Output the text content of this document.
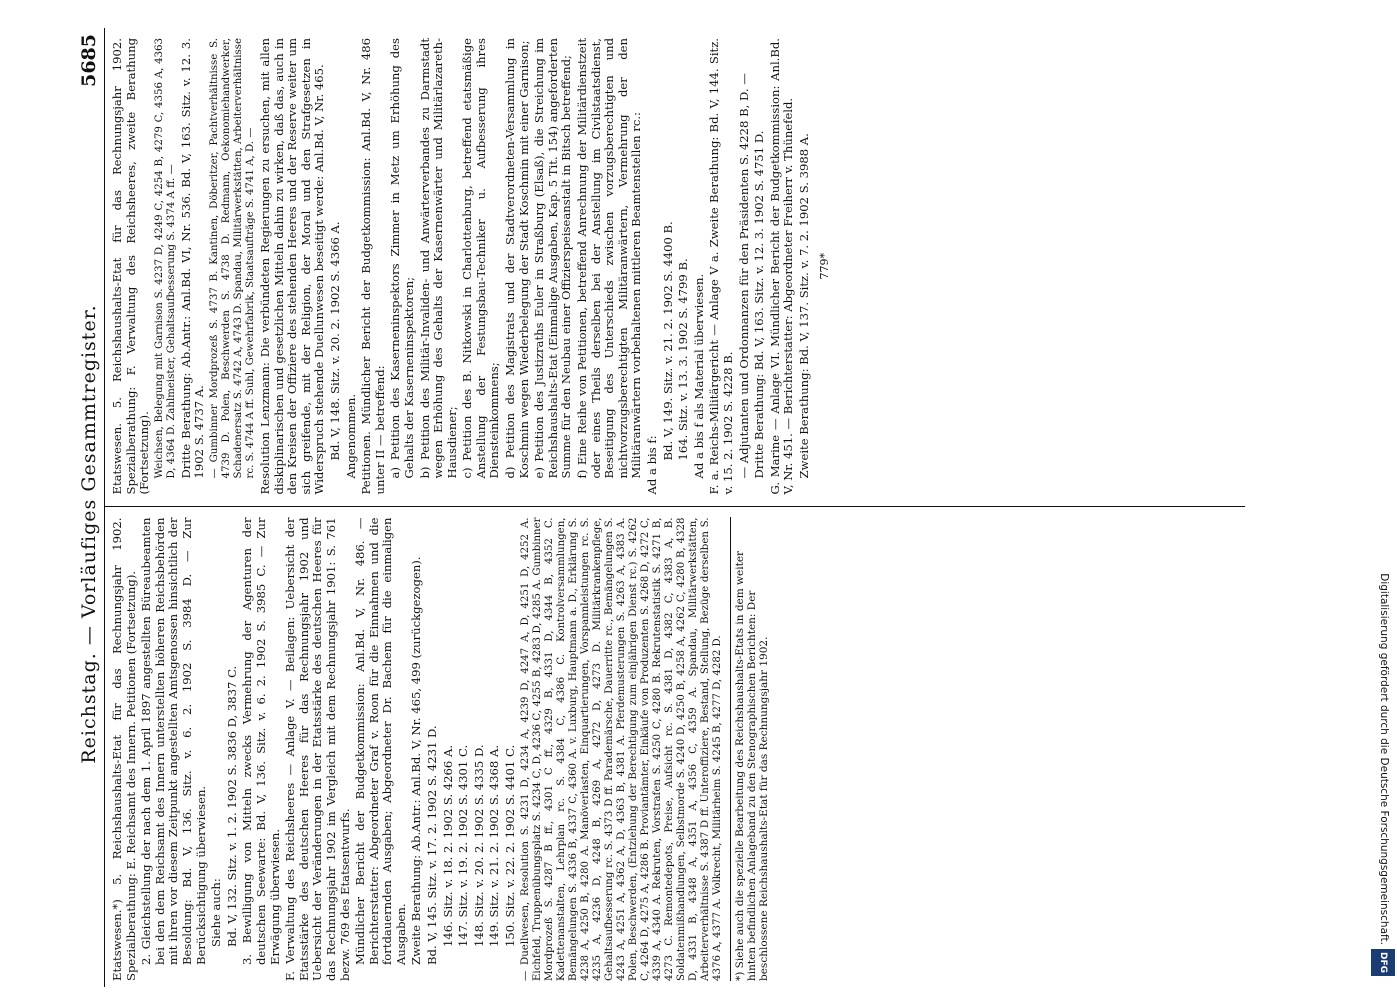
Reichstag. — Vorläufiges Gesammtregister.
5685

Etatswesen.*) 5. Reichshaushalts-Etat für das Rechnungsjahr 1902. Spezialberathung: E. Reichsamt des Innern. Petitionen (Fortsetzung). 2. Gleichstellung der nach dem 1. April 1897 angestellten Büreaubeamten bei den dem Reichsamt des Innern unterstellten höheren Reichsbehörden mit ihren vor diesem Zeitpunkt angestellten Amtsgenossen hinsichtlich der Besoldung: Bd. V, 136. Sitz. v. 6. 2. 1902 S. 3984 D. — Zur Berücksichtigung überwiesen. Siehe auch: Bd. V, 132. Sitz. v. 1. 2. 1902 S. 3836 D, 3837 C. 3. Bewilligung von Mitteln zwecks Vermehrung der Agenturen der deutschen Seewarte: Bd. V, 136. Sitz. v. 6. 2. 1902 S. 3985 C. — Zur Erwägung überwiesen. F. Verwaltung des Reichsheeres — Anlage V. — Beilagen: Uebersicht der Etatsstärke des deutschen Heeres für das Rechnungsjahr 1902 und Uebersicht der Veränderungen in der Etatsstärke des deutschen Heeres für das Rechnungsjahr 1902 im Vergleich mit dem Rechnungsjahr 1901: S. 761 bezw. 769 des Etatsentwurfs. Mündlicher Bericht der Budgetkommission: Anl.Bd. V, Nr. 486. — Berichterstatter: Abgeordneter Graf v. Roon für die Einnahmen und die fortdauernden Ausgaben; Abgeordneter Dr. Bachem für die einmaligen Ausgaben. Zweite Berathung: Ab.Antr.: Anl.Bd. V, Nr. 465, 499 (zurückgezogen). Bd. V, 145. Sitz. v. 17. 2. 1902 S. 4231 D. 146. Sitz. v. 18. 2. 1902 S. 4266 A. 147. Sitz. v. 19. 2. 1902 S. 4301 C. 148. Sitz. v. 20. 2. 1902 S. 4335 D. 149. Sitz. v. 21. 2. 1902 S. 4368 A. 150. Sitz. v. 22. 2. 1902 S. 4401 C. — Duellwesen, Resolution S. 4231 D, 4234 A, 4239 D, 4247 A, D, 4251 D, 4252 A. Eichfeld, Truppenübungsplatz S. 4234 C, D, 4236 C, 4255 B, 4283 D, 4285 A. Gumbinner Mordprozeß S. 4287 B ff., 4301 C ff., 4329 B, 4331 D, 4344 B, 4352 C. Kadettenanstalten, Lehrplan rc. S. 4384 C, 4386 C. Kontrolversammlungen, Bemängelungen S. 4336 B, 4337 C, 4360 A. v. Luxburg, Hauptmann a. D., Erklärung S. 4238 A, 4250 B, 4280 A. Manöverlasten, Einquartierungen, Vorspannleistungen rc. S. 4235 A, 4236 D, 4248 B, 4269 A, 4272 D, 4273 D. Militärkrankenpflege, Gehaltsaufbesserung rc. S. 4373 D ff. Parademärsche, Dauerritte rc., Bemängelungen S. 4243 A, 4251 A, 4362 A, D, 4363 B, 4381 A. Pferdemusterungen S. 4263 A, 4383 A. Polen, Beschwerden, (Entziehung der Berechtigung zum einjährigen Dienst rc.) S. 4262 C, 4264 D, 4275 A, 4286 B. Proviantämter, Einkäufe von Produzenten S. 4268 D, 4272 C, 4339 A, 4340 A. Rekruten, Vorstrafen S. 4250 C, 4280 B. Rekrutenstatistik S. 4271 B, 4273 C. Remontedepots, Preise, Aufsicht rc. S. 4381 D, 4382 C, 4383 A, B. Soldatenmißhandlungen, Selbstmorde S. 4240 D, 4250 B, 4258 A, 4262 C, 4280 B, 4328 D, 4331 B, 4348 A, 4351 A, 4356 C, 4359 A. Spandau, Militärwerkstätten, Arbeiterverhältnisse S. 4387 D ff. Unteroffiziere, Bestand, Stellung, Bezüge derselben S. 4376 A, 4377 A. Volkrecht, Militärheim S. 4245 B, 4277 D, 4282 D.	*) Siehe auch die spezielle Bearbeitung des Reichshaushalts-Etats in dem weiter hinten befindlichen Anlageband zu den Stenographischen Berichten: Der beschlossene Reichshaushalts-Etat für das Rechnungsjahr 1902.

Etatswesen. 5. Reichshaushalts-Etat für das Rechnungsjahr 1902. Spezialberathung: F. Verwaltung des Reichsheeres, zweite Berathung (Fortsetzung). Weichsen, Belegung mit Garnison S. 4237 D, 4249 C, 4254 B, 4279 C, 4356 A, 4363 D, 4364 D. Zahlmeister, Gehaltsaufbesserung S. 4374 A ff. — Dritte Berathung: Ab.Antr.: Anl.Bd. VI, Nr. 536. Bd. V, 163. Sitz. v. 12. 3. 1902 S. 4737 A. — Gumbinner Mordprozeß S. 4737 B. Kantinen, Döberitzer, Pachtverhältnisse S. 4739 D. Polen, Beschwerden S. 4738 D. Redmann, Oekonomiehandwerker, Schadenersatz S. 4742 A, 4743 D. Spandau, Militärwerkstätten, Arbeiterverhältnisse rc. S. 4744 A ff. Suhl, Gewehrfabrik, Staatsaufträge S. 4741 A, D. — Resolution Lenzmann: Die verbündeten Regierungen zu ersuchen, mit allen diskiplinarischen und gesetzlichen Mitteln dahin zu wirken, daß das, auch in den Kreisen der Offiziere des stehenden Heeres und der Reserve weiter um sich greifende, mit der Religion, der Moral und den Strafgesetzen in Widerspruch stehende Duellunwesen beseitigt werde: Anl.Bd. V, Nr. 465. Bd. V, 148. Sitz. v. 20. 2. 1902 S. 4366 A. Angenommen. Petitionen. Mündlicher Bericht der Budgetkommission: Anl.Bd. V, Nr. 486 unter II — betreffend: a) Petition des Kaserneninspektors Zimmer in Metz um Erhöhung des Gehalts der Kaserneninspektoren; b) Petition des Militär-Invaliden- und Anwärterverbandes zu Darmstadt wegen Erhöhung des Gehalts der Kasernenwärter und Militärlazareth-Hausdiener; c) Petition des B. Nitkowski in Charlottenburg, betreffend etatsmäßige Anstellung der Festungsbau-Techniker u. Aufbesserung ihres Diensteinkommens; d) Petition des Magistrats und der Stadtverordneten-Versammlung in Koschmin wegen Wiederbelegung der Stadt Koschmin mit einer Garnison; e) Petition des Justizraths Euler in Straßburg (Elsaß), die Streichung im Reichshaushalts-Etat (Einmalige Ausgaben, Kap. 5 Tit. 154) angeforderten Summe für den Neubau einer Offizierspeiseanstalt in Bitsch betreffend; f) Eine Reihe von Petitionen, betreffend Anrechnung der Militärdienstzeit oder eines Theils derselben bei der Anstellung im Civilstaatsdienst, Beseitigung des Unterschieds zwischen vorzugsberechtigten und nichtvorzugsberechtigten Militäranwärtern, Vermehrung der den Militäranwärtern vorbehaltenen mittleren Beamtenstellen rc.: Ad a bis f:

Bd. V, 149. Sitz. v. 21. 2. 1902 S. 4400 B. 164. Sitz. v. 13. 3. 1902 S. 4799 B. Ad a bis f als Material überwiesen. F. a. Reichs-Militärgericht — Anlage V a. Zweite Berathung: Bd. V, 144. Sitz. v. 15. 2. 1902 S. 4228 B. — Adjutanten und Ordonnanzen für den Präsidenten S. 4228 B, D. — Dritte Berathung: Bd. V, 163. Sitz. v. 12. 3. 1902 S. 4751 D. G. Marine — Anlage VI. Mündlicher Bericht der Budgetkommission: Anl.Bd. V, Nr. 451. — Berichterstatter: Abgeordneter Freiherr v. Thünefeld. Zweite Berathung: Bd. V, 137. Sitz. v. 7. 2. 1902 S. 3988 A. 779*
Digitalisierung gefördert durch die Deutsche Forschungsgemeinschaft.DFG
